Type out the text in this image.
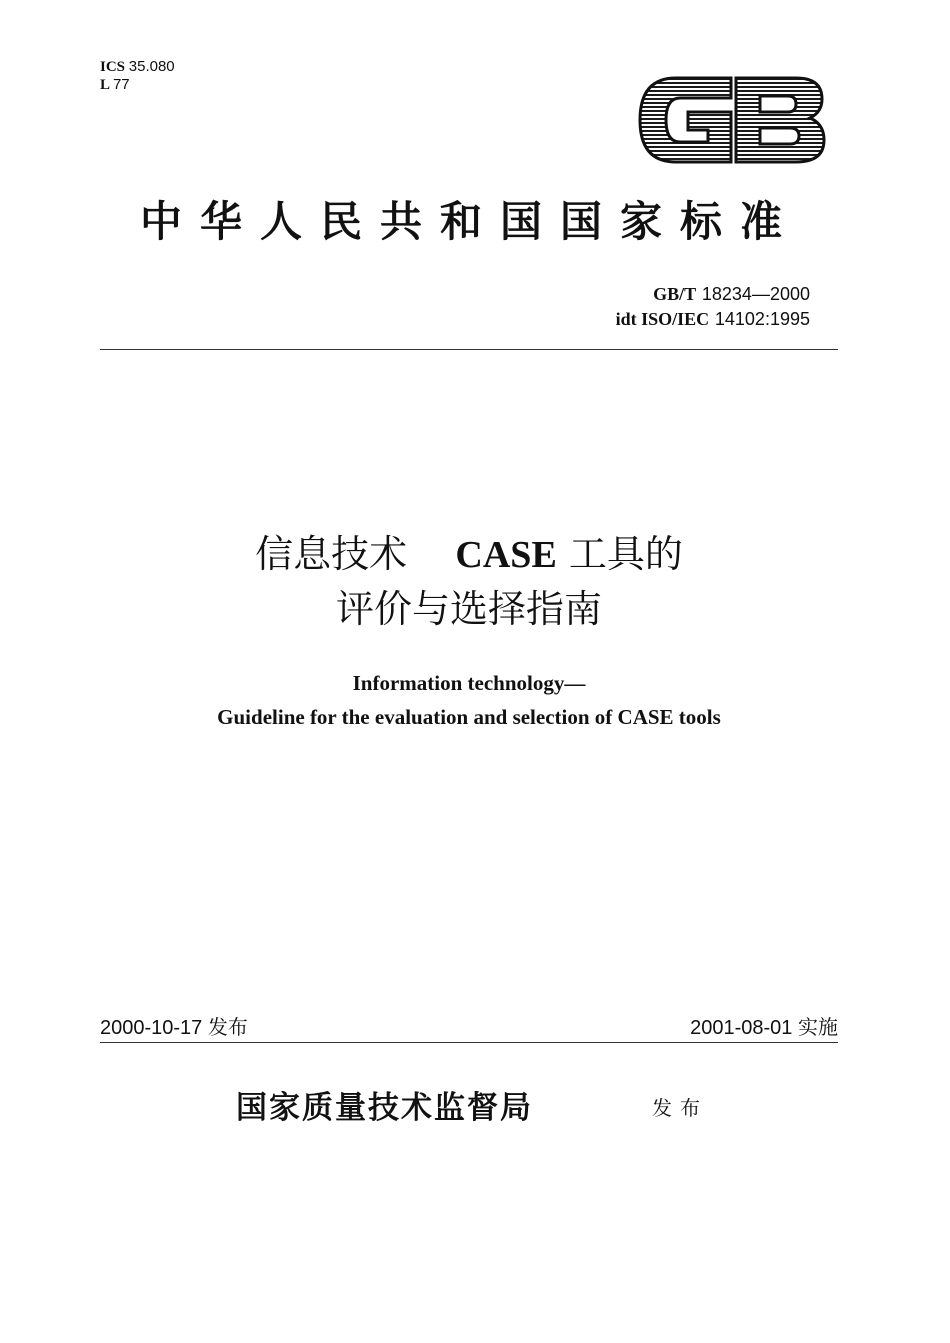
ICS 35.080
L 77
中华人民共和国国家标准
GB/T 18234—2000
idt ISO/IEC 14102:1995
信息技术 CASE 工具的
评价与选择指南
Information technology—
Guideline for the evaluation and selection of CASE tools
2000-10-17 发布	2001-08-01 实施
国家质量技术监督局	发布
